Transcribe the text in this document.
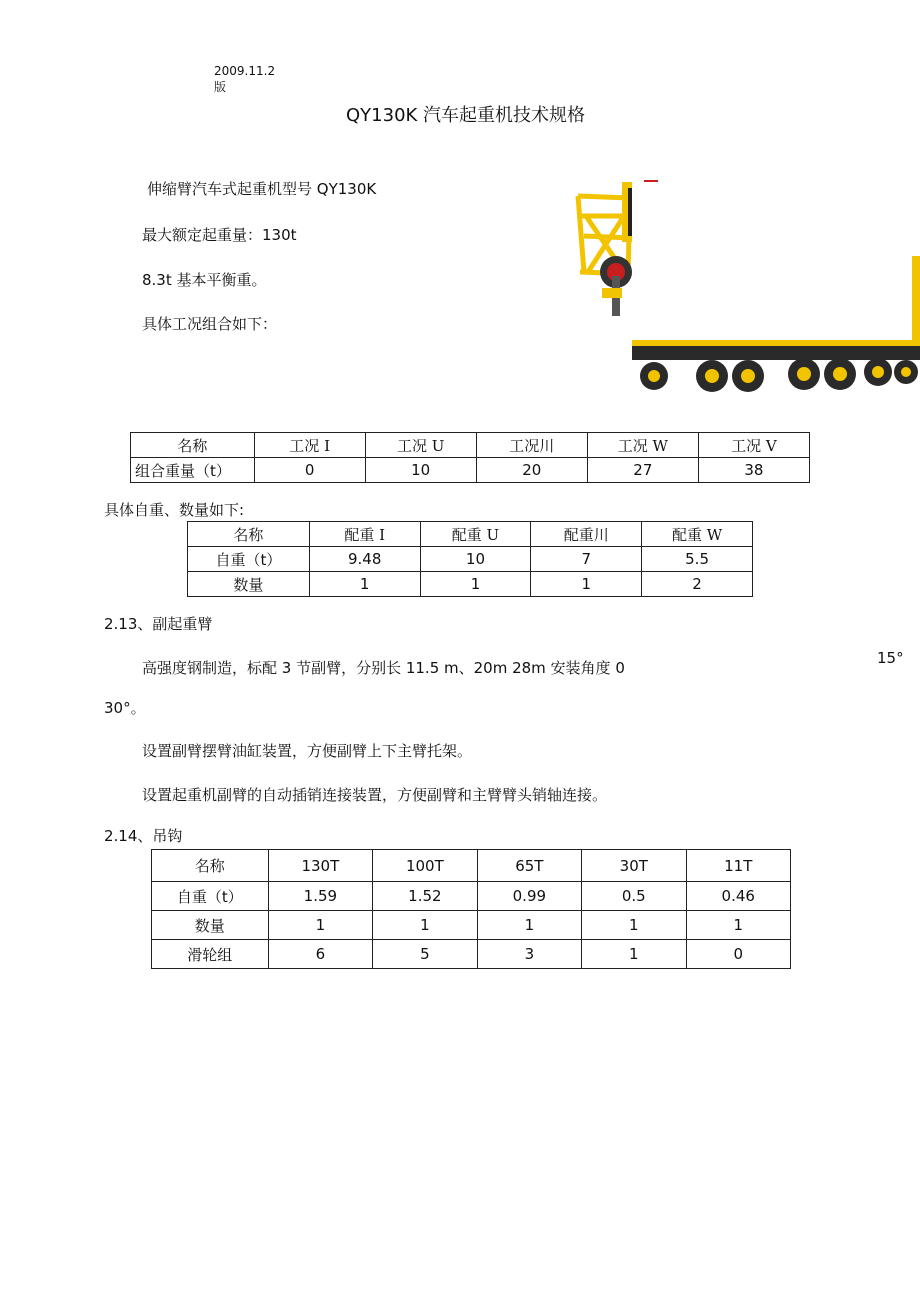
2009.11.2
版
QY130K 汽车起重机技术规格
伸缩臂汽车式起重机型号 QY130K
最大额定起重量：130t
8.3t 基本平衡重。
具体工况组合如下：
名称	工况 I	工况 U	工况川	工况 W	工况 V
组合重量（t）	0	10	20	27	38
具体自重、数量如下:
名称	配重 I	配重 U	配重川	配重 W
自重（t）	9.48	10	7	5.5
数量	1	1	1	2
2.13、副起重臂
高强度钢制造，标配 3 节副臂，分别长 11.5 m、20m 28m 安装角度 0
15°
30°。
设置副臂摆臂油缸装置，方便副臂上下主臂托架。
设置起重机副臂的自动插销连接装置，方便副臂和主臂臂头销轴连接。
2.14、吊钩
名称	130T	100T	65T	30T	11T
自重（t）	1.59	1.52	0.99	0.5	0.46
数量	1	1	1	1	1
滑轮组	6	5	3	1	0
